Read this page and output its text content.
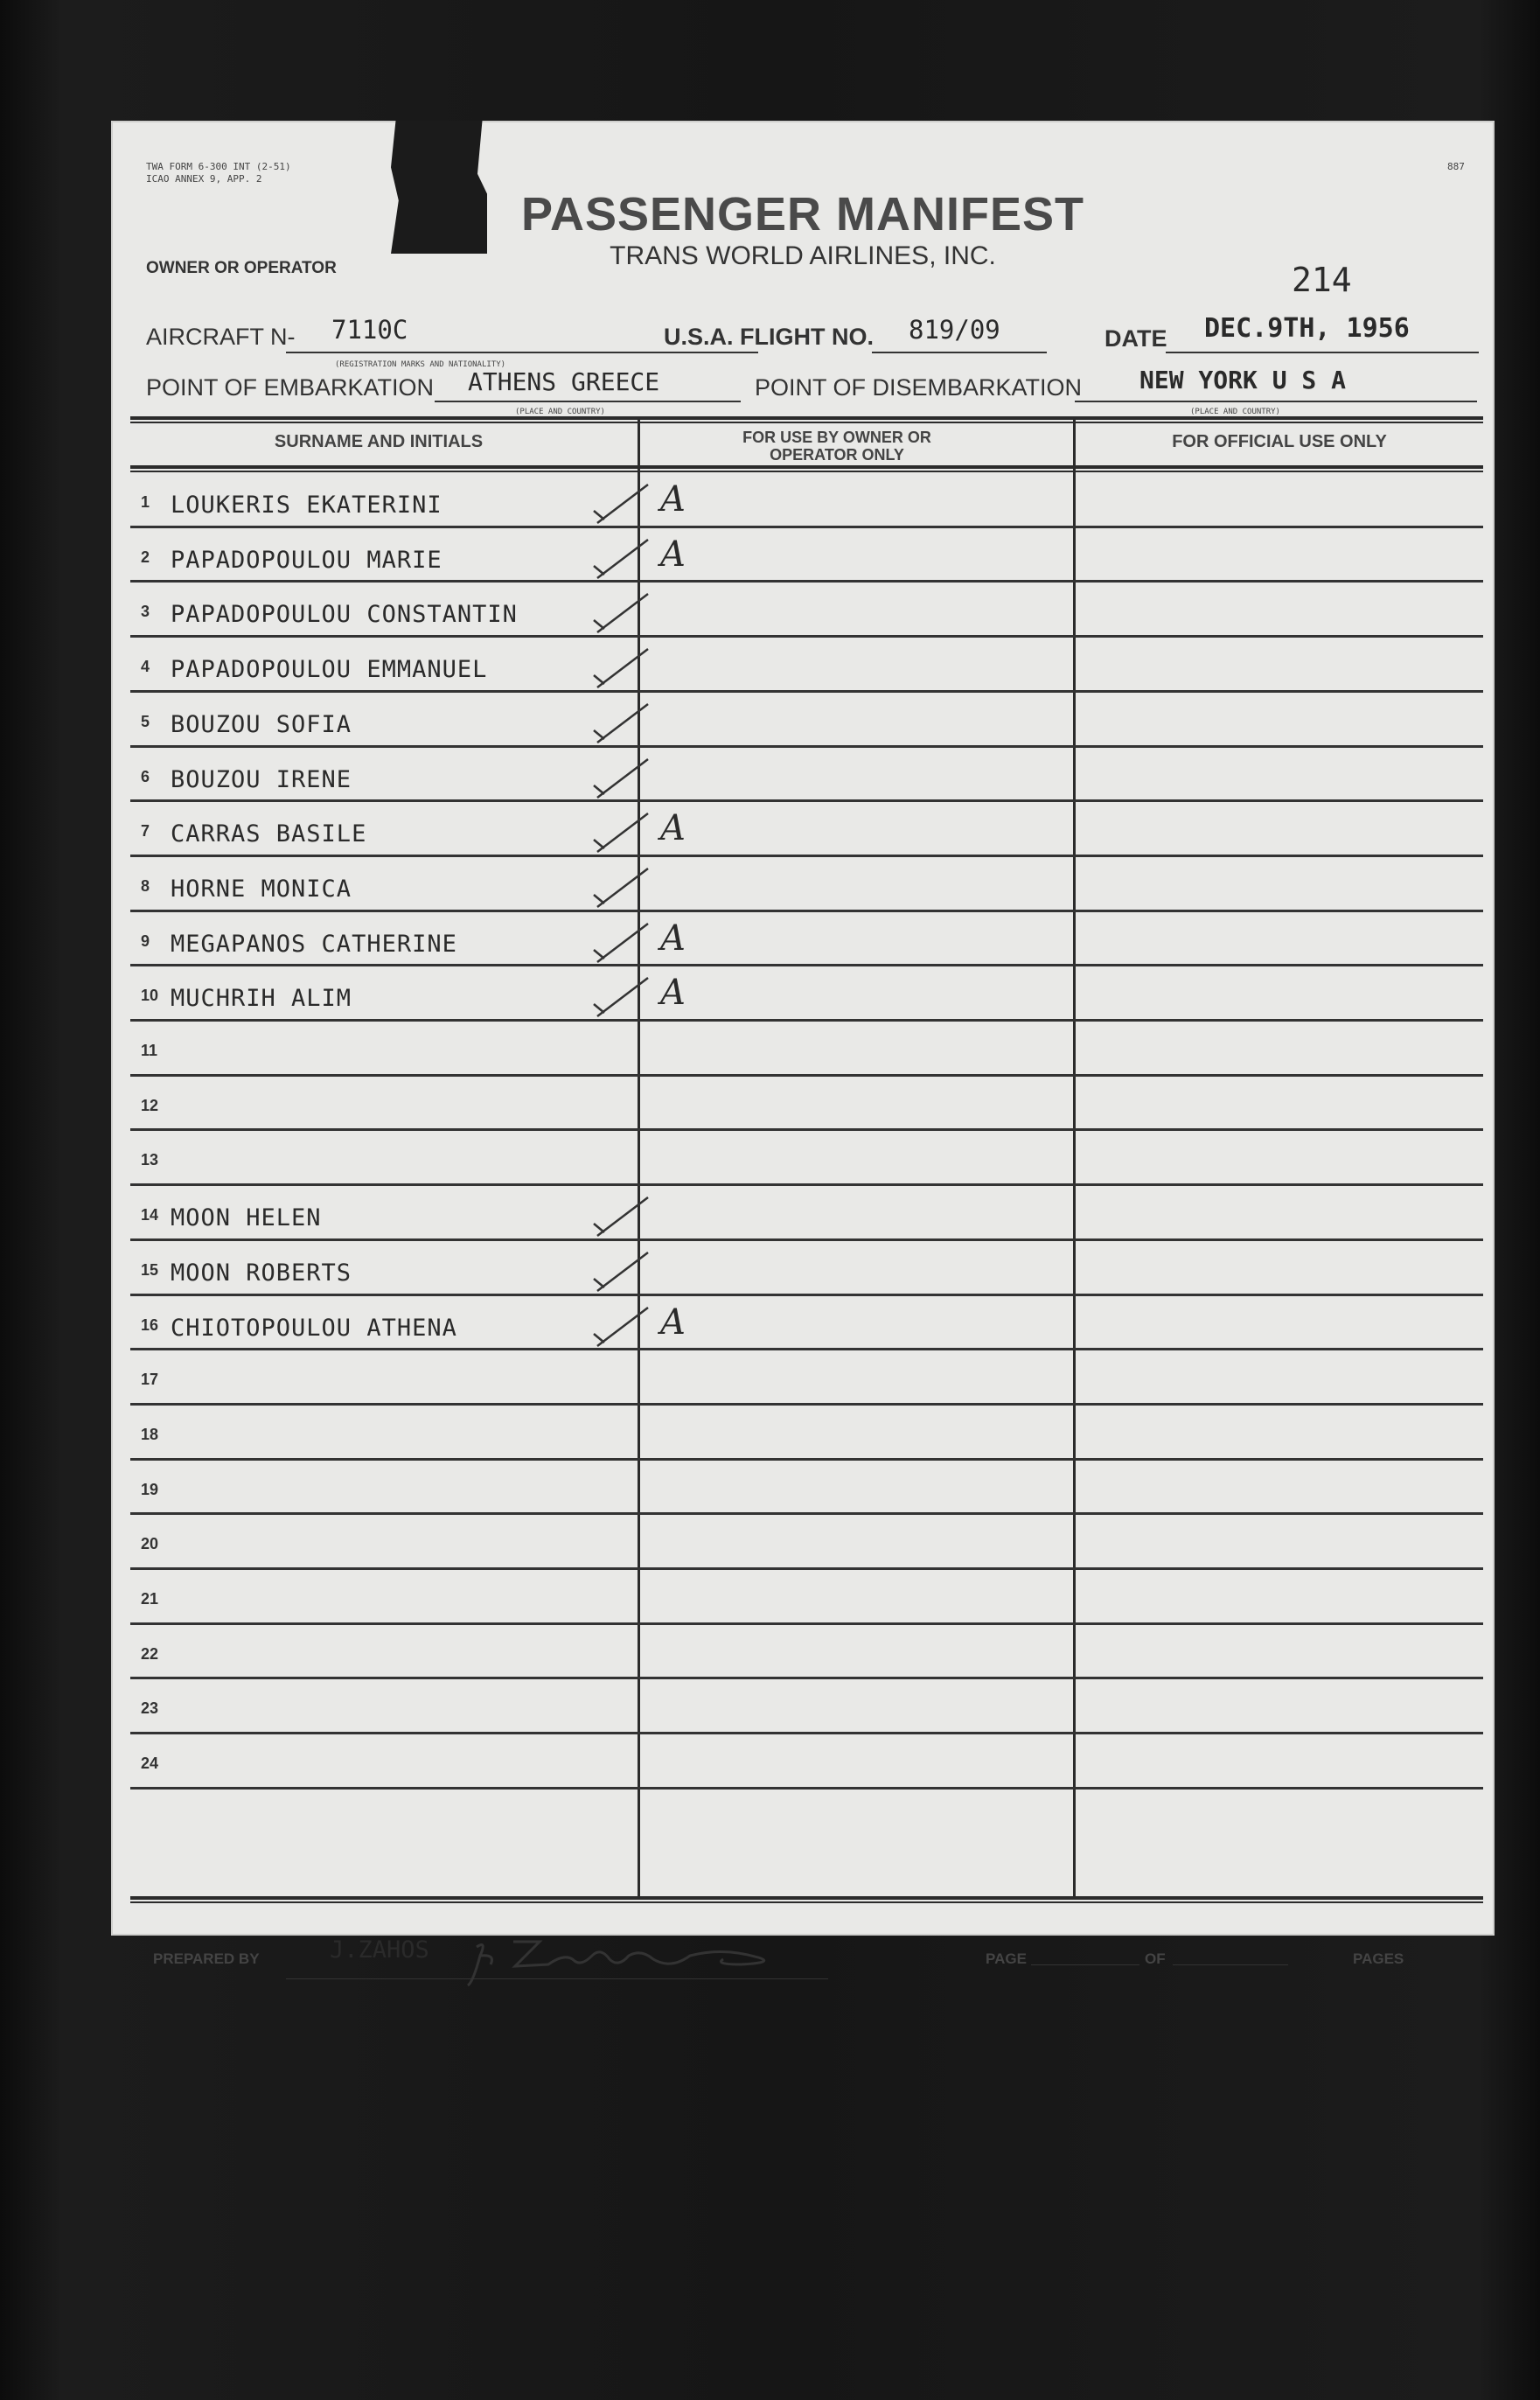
TWA FORM 6-300 INT (2-51)
ICAO ANNEX 9, APP. 2
887
PASSENGER MANIFEST
TRANS WORLD AIRLINES, INC.
OWNER OR OPERATOR	214
AIRCRAFT N- 7110C
(REGISTRATION MARKS AND NATIONALITY)
U.S.A. FLIGHT NO. 819/09	DATE DEC.9TH, 1956
POINT OF EMBARKATION ATHENS GREECE
(PLACE AND COUNTRY)
POINT OF DISEMBARKATION NEW YORK U S A
(PLACE AND COUNTRY)
SURNAME AND INITIALS	FOR USE BY OWNER OR OPERATOR ONLY
FOR OFFICIAL USE ONLY
1 LOUKERIS EKATERINI	A
2 PAPADOPOULOU MARIE	A
3 PAPADOPOULOU CONSTANTIN
4 PAPADOPOULOU EMMANUEL
5 BOUZOU SOFIA
6 BOUZOU IRENE
7 CARRAS BASILE	A
8 HORNE MONICA
9 MEGAPANOS CATHERINE	A
10 MUCHRIH ALIM	A
11
12
13
14 MOON HELEN
15 MOON ROBERTS
16 CHIOTOPOULOU ATHENA	A
17
18
19
20
21
22
23
24
PREPARED BY	J.ZAHOS	PAGE	OF	PAGES
